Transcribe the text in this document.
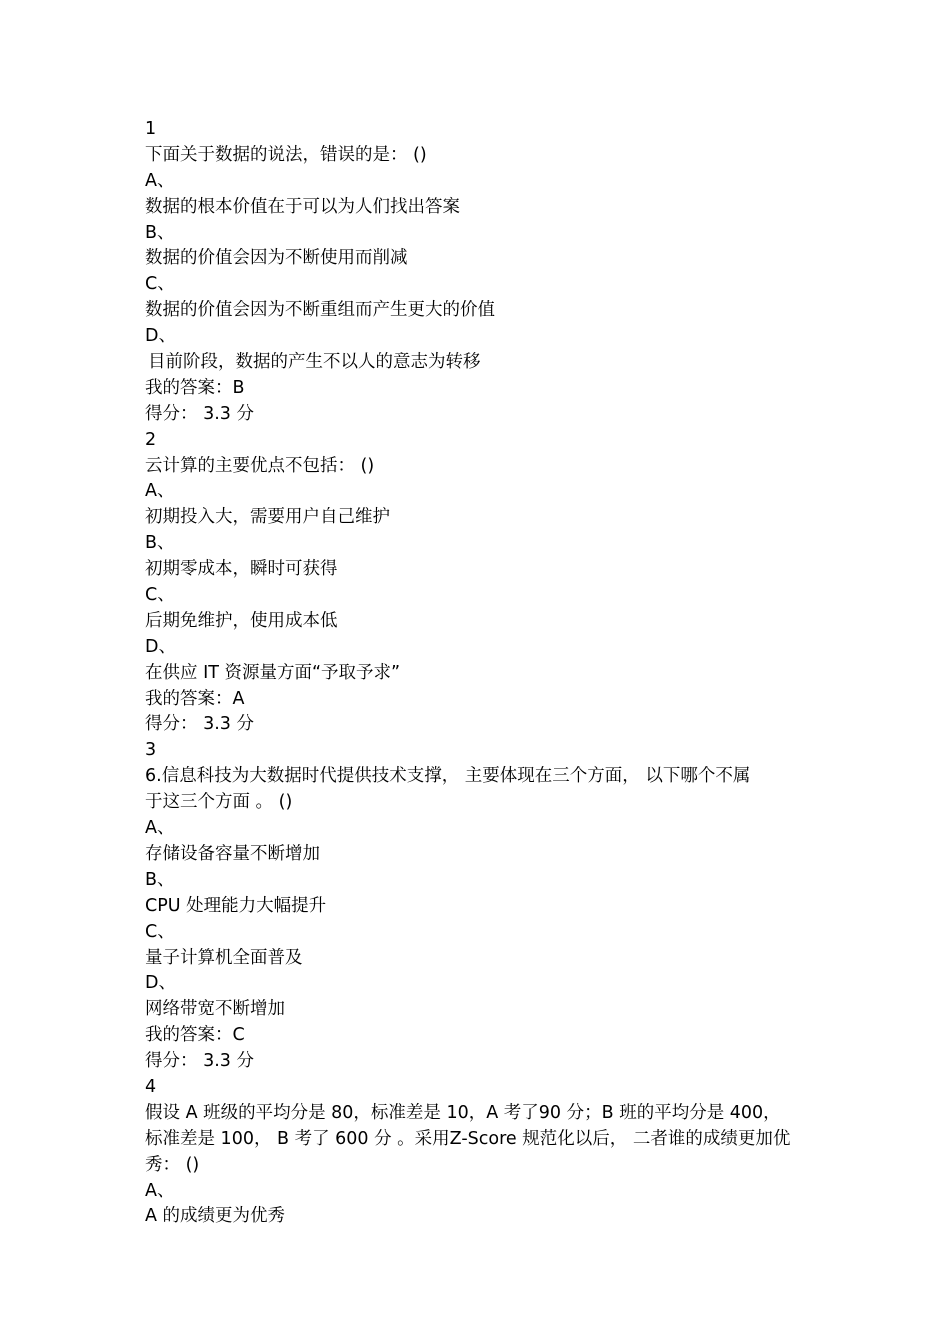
1
下面关于数据的说法，错误的是： ()
A、
数据的根本价值在于可以为人们找出答案
B、
数据的价值会因为不断使用而削减
C、
数据的价值会因为不断重组而产生更大的价值
D、
目前阶段，数据的产生不以人的意志为转移
我的答案：B
得分： 3.3 分
2
云计算的主要优点不包括： ()
A、
初期投入大，需要用户自己维护
B、
初期零成本，瞬时可获得
C、
后期免维护，使用成本低
D、
在供应 IT 资源量方面“予取予求”
我的答案：A
得分： 3.3 分
3
6.信息科技为大数据时代提供技术支撑， 主要体现在三个方面， 以下哪个不属
于这三个方面 。 ()
A、
存储设备容量不断增加
B、
CPU 处理能力大幅提升
C、
量子计算机全面普及
D、
网络带宽不断增加
我的答案：C
得分： 3.3 分
4
假设 A 班级的平均分是 80，标准差是 10，A 考了90 分；B 班的平均分是 400，
标准差是 100， B 考了 600 分 。采用Z-Score 规范化以后， 二者谁的成绩更加优
秀： ()
A、
A 的成绩更为优秀
